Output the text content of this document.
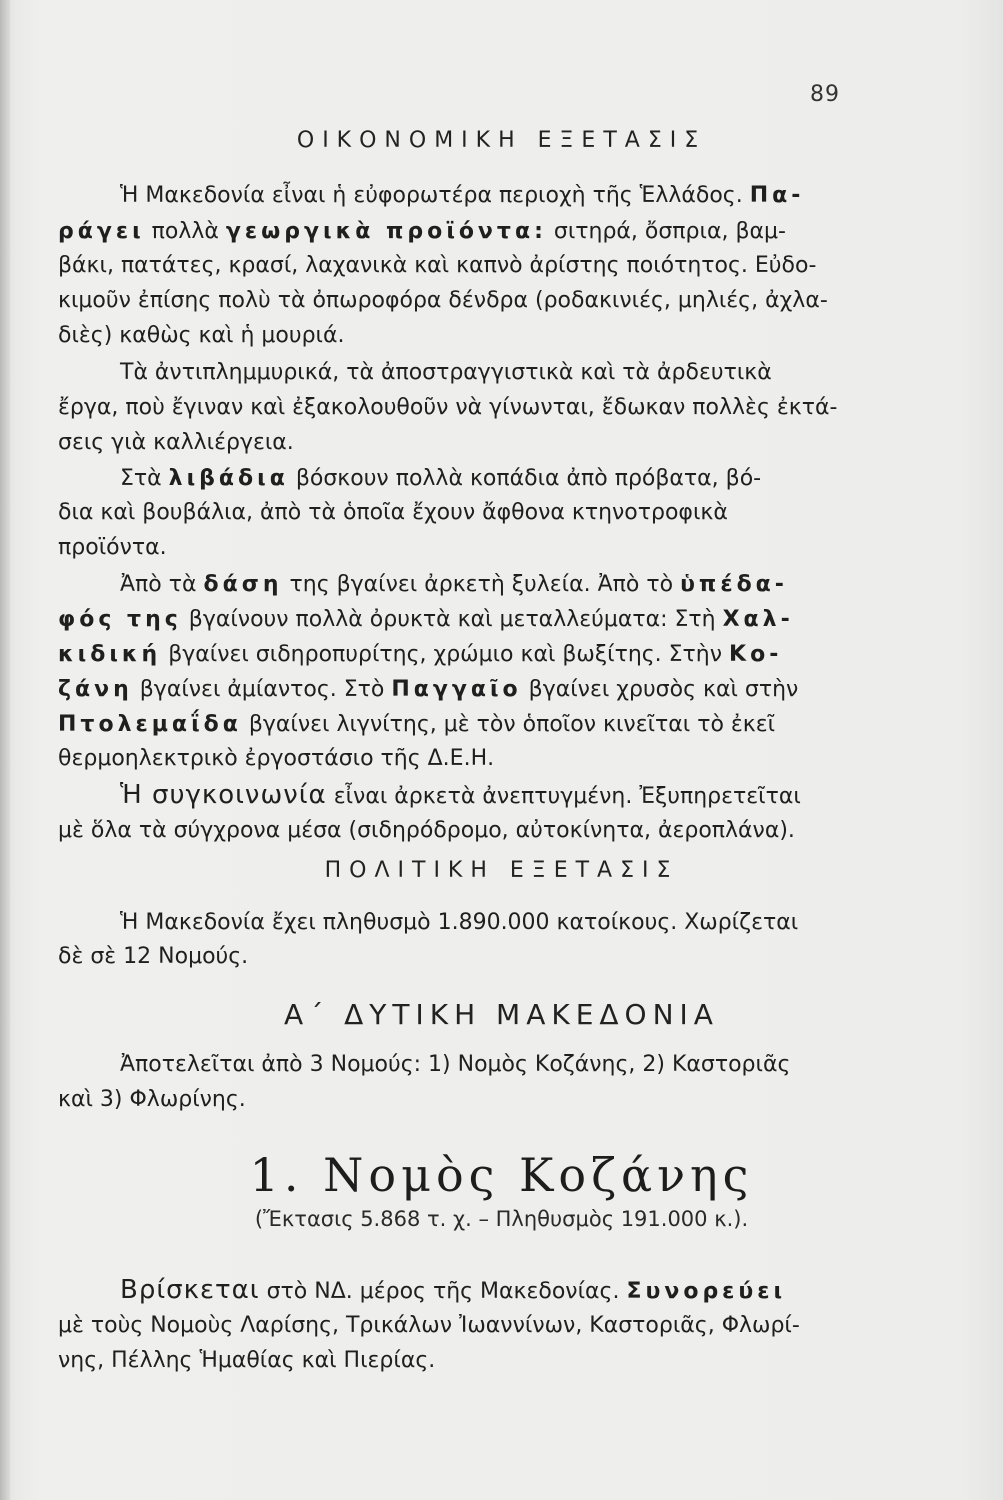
89
ΟΙΚΟΝΟΜΙΚΗ ΕΞΕΤΑΣΙΣ
Ἡ Μακεδονία εἶναι ἡ εὐφορωτέρα περιοχὴ τῆς Ἑλλάδος. Πα-
ράγει πολλὰ γεωργικὰ προϊόντα: σιτηρά, ὄσπρια, βαμ-
βάκι, πατάτες, κρασί, λαχανικὰ καὶ καπνὸ ἀρίστης ποιότητος. Εὐδο-
κιμοῦν ἐπίσης πολὺ τὰ ὀπωροφόρα δένδρα (ροδακινιές, μηλιές, ἀχλα-
διὲς) καθὼς καὶ ἡ μουριά.
Τὰ ἀντιπλημμυρικά, τὰ ἀποστραγγιστικὰ καὶ τὰ ἀρδευτικὰ
ἔργα, ποὺ ἔγιναν καὶ ἐξακολουθοῦν νὰ γίνωνται, ἔδωκαν πολλὲς ἐκτά-
σεις γιὰ καλλιέργεια.
Στὰ λιβάδια βόσκουν πολλὰ κοπάδια ἀπὸ πρόβατα, βό-
δια καὶ βουβάλια, ἀπὸ τὰ ὁποῖα ἔχουν ἄφθονα κτηνοτροφικὰ
προϊόντα.
Ἀπὸ τὰ δάση της βγαίνει ἀρκετὴ ξυλεία. Ἀπὸ τὸ ὑπέδα-
φός της βγαίνουν πολλὰ ὀρυκτὰ καὶ μεταλλεύματα: Στὴ Χαλ-
κιδική βγαίνει σιδηροπυρίτης, χρώμιο καὶ βωξίτης. Στὴν Κο-
ζάνη βγαίνει ἀμίαντος. Στὸ Παγγαῖο βγαίνει χρυσὸς καὶ στὴν
Πτολεμαΐδα βγαίνει λιγνίτης, μὲ τὸν ὁποῖον κινεῖται τὸ ἐκεῖ
θερμοηλεκτρικὸ ἐργοστάσιο τῆς Δ.Ε.Η.
Ἡ συγκοινωνία εἶναι ἀρκετὰ ἀνεπτυγμένη. Ἐξυπηρετεῖται
μὲ ὅλα τὰ σύγχρονα μέσα (σιδηρόδρομο, αὐτοκίνητα, ἀεροπλάνα).
ΠΟΛΙΤΙΚΗ ΕΞΕΤΑΣΙΣ
Ἡ Μακεδονία ἔχει πληθυσμὸ 1.890.000 κατοίκους. Χωρίζεται
δὲ σὲ 12 Νομούς.
Α΄ ΔΥΤΙΚΗ ΜΑΚΕΔΟΝΙΑ
Ἀποτελεῖται ἀπὸ 3 Νομούς: 1) Νομὸς Κοζάνης, 2) Καστοριᾶς
καὶ 3) Φλωρίνης.
1. Νομὸς Κοζάνης
(Ἔκτασις 5.868 τ. χ. – Πληθυσμὸς 191.000 κ.).
Βρίσκεται στὸ ΝΔ. μέρος τῆς Μακεδονίας. Συνορεύει
μὲ τοὺς Νομοὺς Λαρίσης, Τρικάλων Ἰωαννίνων, Καστοριᾶς, Φλωρί-
νης, Πέλλης Ἡμαθίας καὶ Πιερίας.
